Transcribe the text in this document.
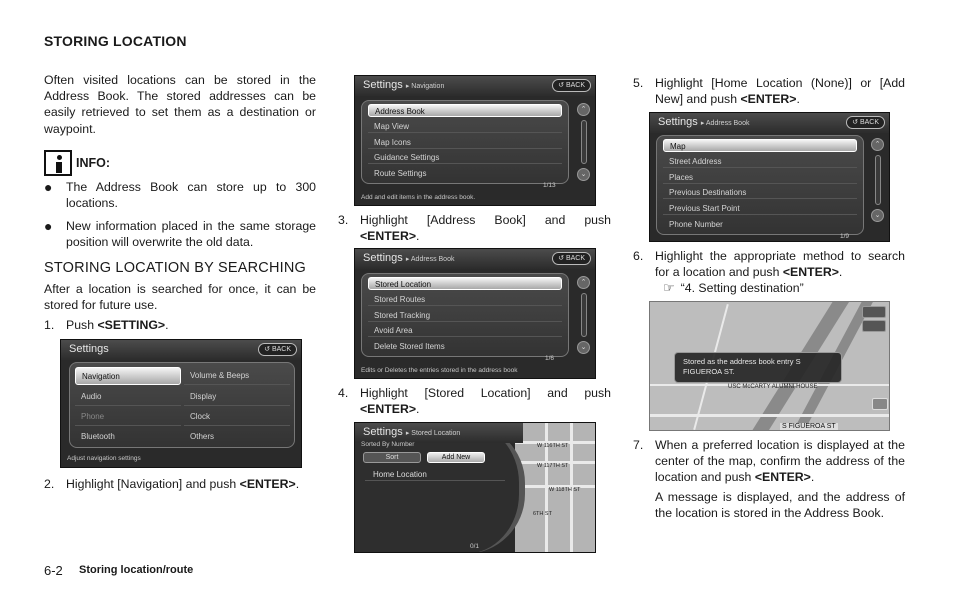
STORING LOCATION

Often visited locations can be stored in the Address Book. The stored addresses can be easily retrieved to set them as a destination or waypoint.

INFO:
●	The Address Book can store up to 300 locations.
●	New information placed in the same storage position will overwrite the old data.
STORING LOCATION BY SEARCHING

After a location is searched for once, it can be stored for future use.

1. Push <SETTING>.
Settings	↺ BACK
Navigation
Audio
Phone
Bluetooth
Volume & Beeps
Display
Clock
Others
Adjust navigation settings
2. Highlight [Navigation] and push <ENTER>.
Settings ▸ Navigation	↺ BACK
Address Book
Map View
Map Icons
Guidance Settings
Route Settings
⌃
⌄
1/13
Add and edit items in the address book.
3. Highlight [Address Book] and push <ENTER>.
Settings ▸ Address Book	↺ BACK
Stored Location
Stored Routes
Stored Tracking
Avoid Area
Delete Stored Items
⌃
⌄
1/6
Edits or Deletes the entries stored in the address book
4. Highlight [Stored Location] and push <ENTER>.
W 116TH ST
W 117TH ST
W 118TH ST
6TH ST
Settings ▸ Stored Location
Sorted By Number
Sort	Add New
Home Location
0/1
5. Highlight [Home Location (None)] or [Add New] and push <ENTER>.
Settings ▸ Address Book	↺ BACK
Map
Street Address
Places
Previous Destinations
Previous Start Point
Phone Number
⌃
⌄
1/9
6. Highlight the appropriate method to search for a location and push <ENTER>.
☞ “4. Setting destination”
USC McCARTY ALUMNI HOUSE
S FIGUEROA ST
Stored as the address book entry S FIGUEROA ST.
7. When a preferred location is displayed at the center of the map, confirm the address of the location and push <ENTER>.

A message is displayed, and the address of the location is stored in the Address Book.

6-2 Storing location/route
